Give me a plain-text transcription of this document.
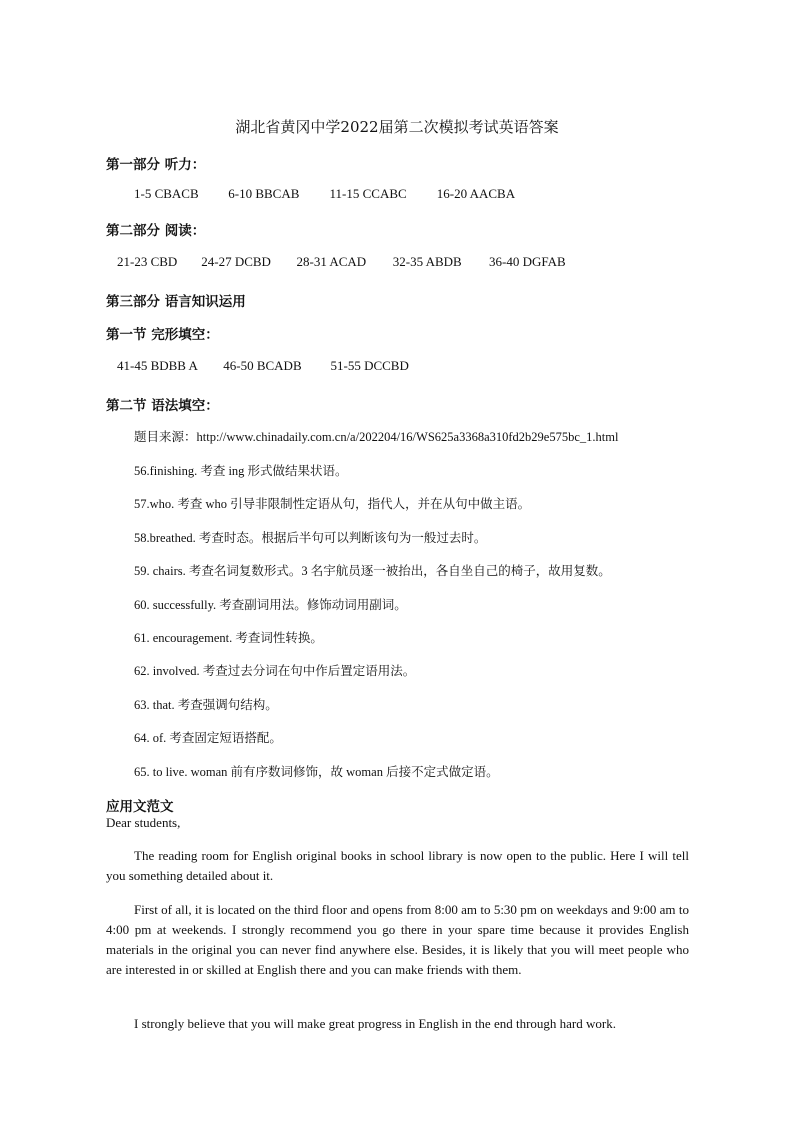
湖北省黄冈中学2022届第二次模拟考试英语答案
第一部分 听力：
1-5 CBACB 6-10 BBCAB 11-15 CCABC 16-20 AACBA
第二部分 阅读：
21-23 CBD 24-27 DCBD 28-31 ACAD 32-35 ABDB 36-40 DGFAB
第三部分 语言知识运用
第一节 完形填空：
41-45 BDBB A 46-50 BCADB 51-55 DCCBD
第二节 语法填空：
题目来源：http://www.chinadaily.com.cn/a/202204/16/WS625a3368a310fd2b29e575bc_1.html
56.finishing. 考查 ing 形式做结果状语。
57.who. 考查 who 引导非限制性定语从句，指代人，并在从句中做主语。
58.breathed. 考查时态。根据后半句可以判断该句为一般过去时。
59. chairs. 考查名词复数形式。3 名宇航员逐一被抬出，各自坐自己的椅子，故用复数。
60. successfully. 考查副词用法。修饰动词用副词。
61. encouragement. 考查词性转换。
62. involved. 考查过去分词在句中作后置定语用法。
63. that. 考查强调句结构。
64. of. 考查固定短语搭配。
65. to live. woman 前有序数词修饰，故 woman 后接不定式做定语。
应用文范文
Dear students,

The reading room for English original books in school library is now open to the public. Here I will tell you something detailed about it.

First of all, it is located on the third floor and opens from 8:00 am to 5:30 pm on weekdays and 9:00 am to 4:00 pm at weekends. I strongly recommend you go there in your spare time because it provides English materials in the original you can never find anywhere else. Besides, it is likely that you will meet people who are interested in or skilled at English there and you can make friends with them.

I strongly believe that you will make great progress in English in the end through hard work.
